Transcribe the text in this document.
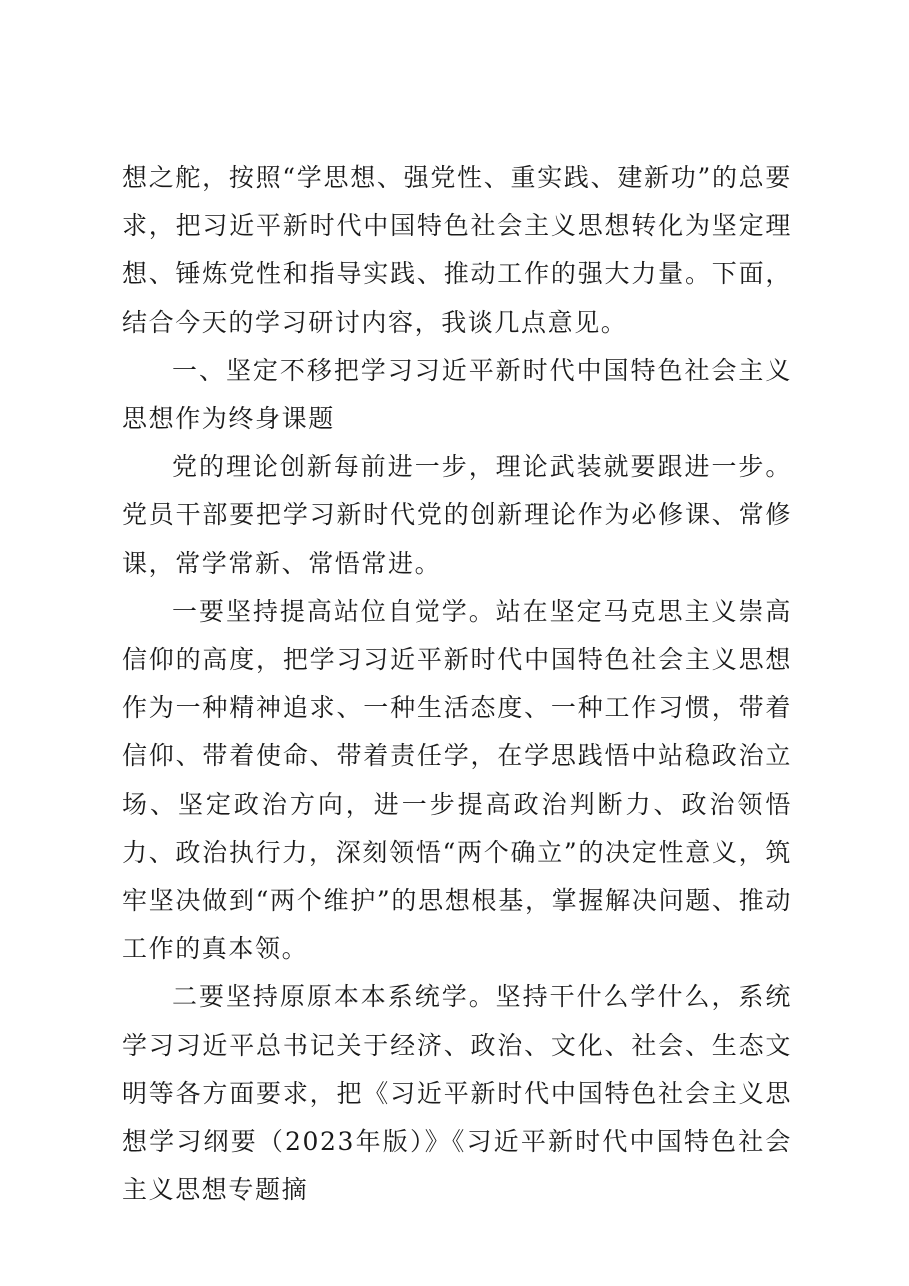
想之舵，按照“学思想、强党性、重实践、建新功”的总要求，把习近平新时代中国特色社会主义思想转化为坚定理想、锤炼党性和指导实践、推动工作的强大力量。下面，结合今天的学习研讨内容，我谈几点意见。

一、坚定不移把学习习近平新时代中国特色社会主义思想作为终身课题

党的理论创新每前进一步，理论武装就要跟进一步。党员干部要把学习新时代党的创新理论作为必修课、常修课，常学常新、常悟常进。

一要坚持提高站位自觉学。站在坚定马克思主义崇高信仰的高度，把学习习近平新时代中国特色社会主义思想作为一种精神追求、一种生活态度、一种工作习惯，带着信仰、带着使命、带着责任学，在学思践悟中站稳政治立场、坚定政治方向，进一步提高政治判断力、政治领悟力、政治执行力，深刻领悟“两个确立”的决定性意义，筑牢坚决做到“两个维护”的思想根基，掌握解决问题、推动工作的真本领。

二要坚持原原本本系统学。坚持干什么学什么，系统学习习近平总书记关于经济、政治、文化、社会、生态文明等各方面要求，把《习近平新时代中国特色社会主义思想学习纲要（2023年版）》《习近平新时代中国特色社会主义思想专题摘
